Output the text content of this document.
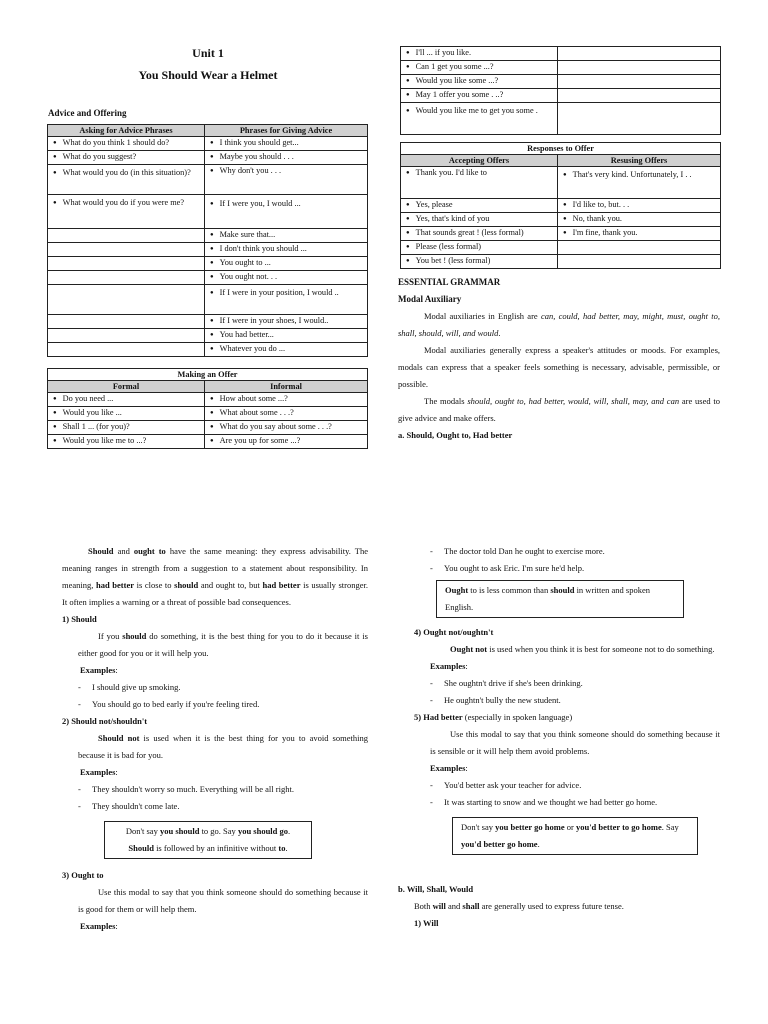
Unit 1
You Should Wear a Helmet
Advice and Offering
Asking for Advice Phrases	Phrases for Giving Advice
● What do you think 1 should do?	● I think you should get...
● What do you suggest?	● Maybe you should . . .
● What would you do (in this situation)?	● Why don't you . . .
● What would you do if you were me?	● If I were you, I would ...
	● Make sure that...
	● I don't think you should ...
	● You ought to ...
	● You ought not. . .
	● If I were in your position, I would ..
	● If I were in your shoes, I would..
	● You had better...
	● Whatever you do ...
Making an Offer	
Formal	Informal
● Do you need ...	● How about some ...?
● Would you like ...	● What about some . . .?
● Shall 1 ... (for you)?	● What do you say about some . . .?
● Would you like me to ...?	● Are you up for some ...?
● I'll ... if you like.	
● Can 1 get you some ...?	
● Would you like some ...?	
● May 1 offer you some . ..?	
● Would you like me to get you some .	
Responses to Offer	
Accepting Offers	Resusing Offers
● Thank you. I'd like to	● That's very kind. Unfortunately, I . .
● Yes, please	● I'd like to, but. . .
● Yes, that's kind of you	● No, thank you.
● That sounds great ! (less formal)	● I'm fine, thank you.
● Please (less formal)	
● You bet ! (less formal)	

ESSENTIAL GRAMMAR

Modal Auxiliary

Modal auxiliaries in English are can, could, had better, may, might, must, ought to, shall, should, will, and would.

Modal auxiliaries generally express a speaker's attitudes or moods. For examples, modals can express that a speaker feels something is necessary, advisable, permissible, or possible.

The modals should, ought to, had better, would, will, shall, may, and can are used to give advice and make offers.

a. Should, Ought to, Had better

Should and ought to have the same meaning: they express advisability. The meaning ranges in strength from a suggestion to a statement about responsibility. In meaning, had better is close to should and ought to, but had better is usually stronger. It often implies a warning or a threat of possible bad consequences.

1) Should

If you should do something, it is the best thing for you to do it because it is either good for you or it will help you.

Examples:

- I should give up smoking.

- You should go to bed early if you're feeling tired.

2) Should not/shouldn't

Should not is used when it is the best thing for you to avoid something because it is bad for you.

Examples:

- They shouldn't worry so much. Everything will be all right.

- They shouldn't come late.

Don't say you should to go. Say you should go.
Should is followed by an infinitive without to.

3) Ought to

Use this modal to say that you think someone should do something because it is good for them or will help them.

Examples:

- The doctor told Dan he ought to exercise more.

- You ought to ask Eric. I'm sure he'd help.

Ought to is less common than should in written and spoken English.

4) Ought not/oughtn't

Ought not is used when you think it is best for someone not to do something.

Examples:

- She oughtn't drive if she's been drinking.

- He oughtn't bully the new student.

5) Had better (especially in spoken language)

Use this modal to say that you think someone should do something because it is sensible or it will help them avoid problems.

Examples:

- You'd better ask your teacher for advice.

- It was starting to snow and we thought we had better go home.

Don't say you better go home or you'd better to go home. Say you'd better go home.

b. Will, Shall, Would

Both will and shall are generally used to express future tense.

1) Will
